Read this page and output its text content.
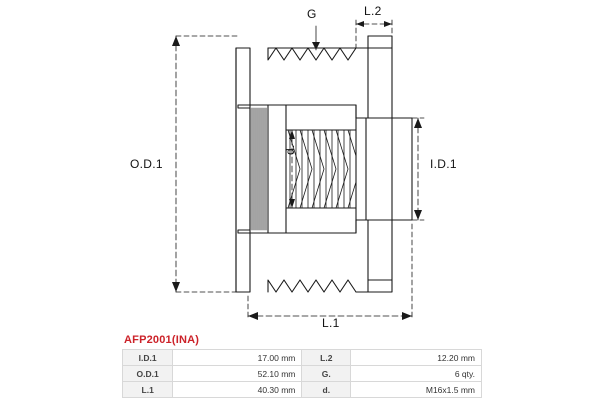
O.D.1	I.D.1
L.1
L.2
G
d.
AFP2001(INA)
I.D.1	17.00 mm	L.2	12.20 mm
O.D.1	52.10 mm	G.	6 qty.
L.1	40.30 mm	d.	M16x1.5 mm
